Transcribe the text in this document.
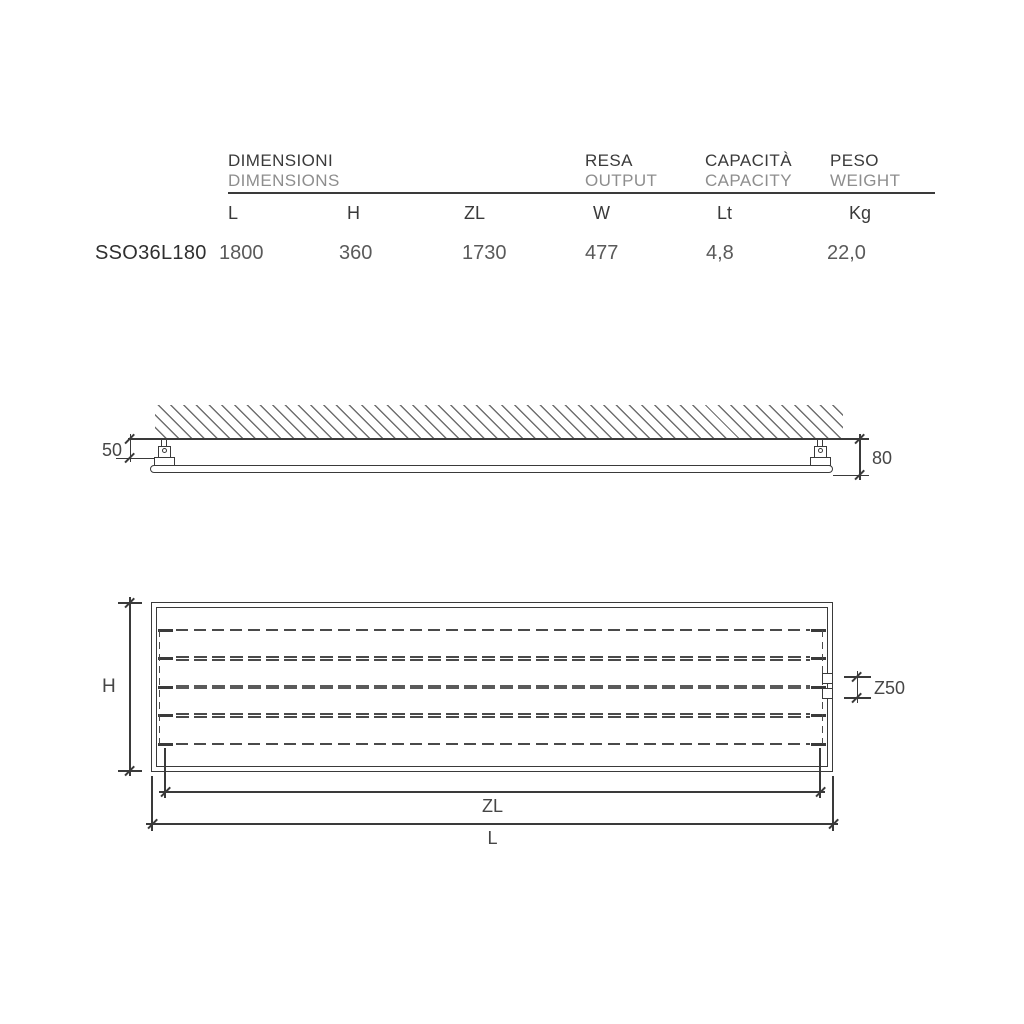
DIMENSIONI
DIMENSIONS
RESA
OUTPUT
CAPACITÀ
CAPACITY
PESO
WEIGHT
L	H	ZL	W	Lt	Kg
SSO36L180 1800	360	1730	477	4,8	22,0
50	80
Z50
H
ZL
L
